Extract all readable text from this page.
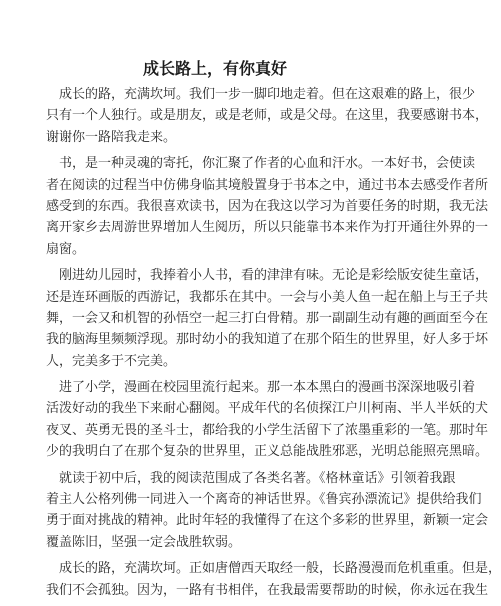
成长路上，有你真好

　成长的路，充满坎坷。我们一步一脚印地走着。但在这艰难的路上，很少
只有一个人独行。或是朋友，或是老师，或是父母。在这里，我要感谢书本，
谢谢你一路陪我走来。

　书，是一种灵魂的寄托，你汇聚了作者的心血和汗水。一本好书，会使读
者在阅读的过程当中仿佛身临其境般置身于书本之中，通过书本去感受作者所
感受到的东西。我很喜欢读书，因为在我这以学习为首要任务的时期，我无法
离开家乡去周游世界增加人生阅历，所以只能靠书本来作为打开通往外界的一
扇窗。

　刚进幼儿园时，我捧着小人书，看的津津有味。无论是彩绘版安徒生童话，
还是连环画版的西游记，我都乐在其中。一会与小美人鱼一起在船上与王子共
舞，一会又和机智的孙悟空一起三打白骨精。那一副副生动有趣的画面至今在
我的脑海里频频浮现。那时幼小的我知道了在那个陌生的世界里，好人多于坏
人，完美多于不完美。

　进了小学，漫画在校园里流行起来。那一本本黑白的漫画书深深地吸引着
活泼好动的我坐下来耐心翻阅。平成年代的名侦探江户川柯南、半人半妖的犬
夜叉、英勇无畏的圣斗士，都给我的小学生活留下了浓墨重彩的一笔。那时年
少的我明白了在那个复杂的世界里，正义总能战胜邪恶，光明总能照亮黑暗。

　就读于初中后，我的阅读范围成了各类名著。《格林童话》引领着我跟
着主人公格列佛一同进入一个离奇的神话世界。《鲁宾孙漂流记》提供给我们
勇于面对挑战的精神。此时年轻的我懂得了在这个多彩的世界里，新颖一定会
覆盖陈旧，坚强一定会战胜软弱。

　成长的路，充满坎坷。正如唐僧西天取经一般，长路漫漫而危机重重。但是，
我们不会孤独。因为，一路有书相伴，在我最需要帮助的时候，你永远在我生
